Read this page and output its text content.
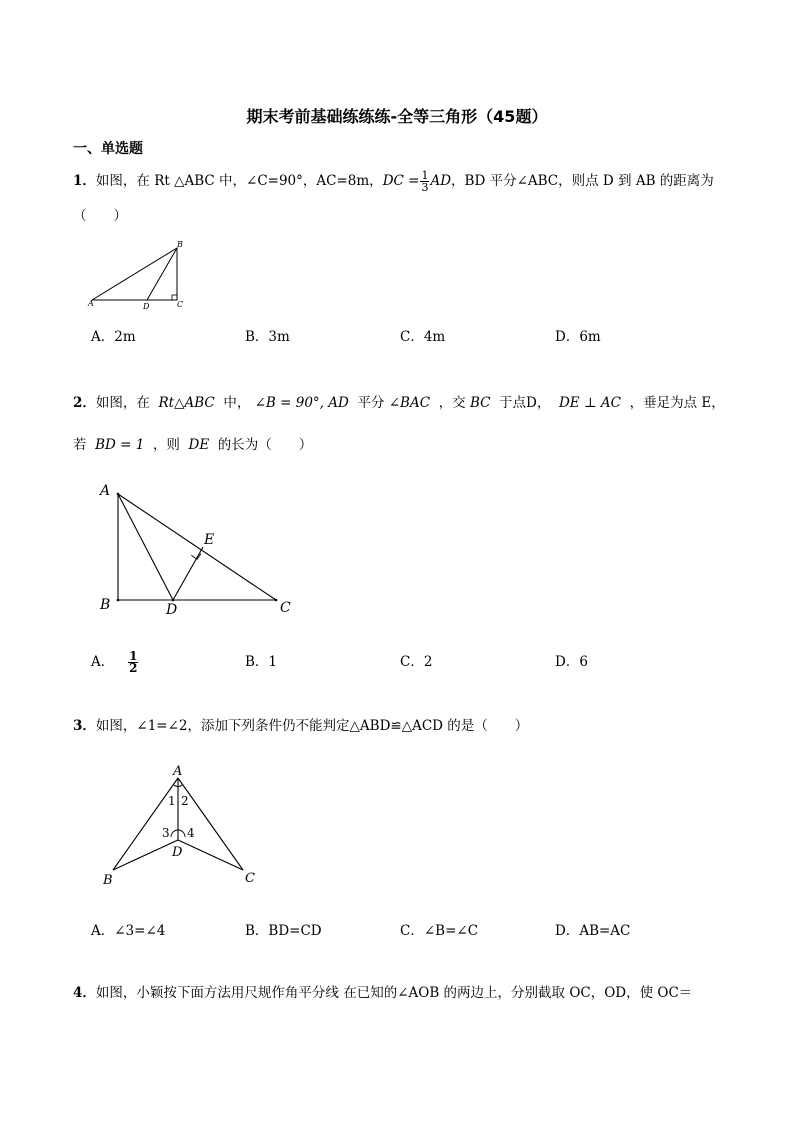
期末考前基础练练练-全等三角形（45题）
一、单选题
1．如图，在 Rt △ABC 中，∠C=90°，AC=8m，DC = $\frac{1}{3}$ AD，BD 平分∠ABC，则点 D 到 AB 的距离为
（　　）
A
B
C
D
A．2m	B．3m	C．4m	D．6m
2．如图，在 Rt△ABC 中， ∠B = 90°, AD 平分 ∠BAC ，交 BC 于点D， DE ⊥ AC ，垂足为点 E，
若 BD = 1 ，则 DE 的长为（　　）
A
B	C
D
E
A． $\frac{1}{2}$	B．1	C．2	D．6
3．如图，∠1=∠2，添加下列条件仍不能判定△ABD≌△ACD 的是（　　）
A
B	C
D
1 2
3 4
A．∠3=∠4	B．BD=CD	C．∠B=∠C	D．AB=AC
4．如图，小颖按下面方法用尺规作角平分线 在已知的∠AOB 的两边上，分别截取 OC，OD，使 OC＝
